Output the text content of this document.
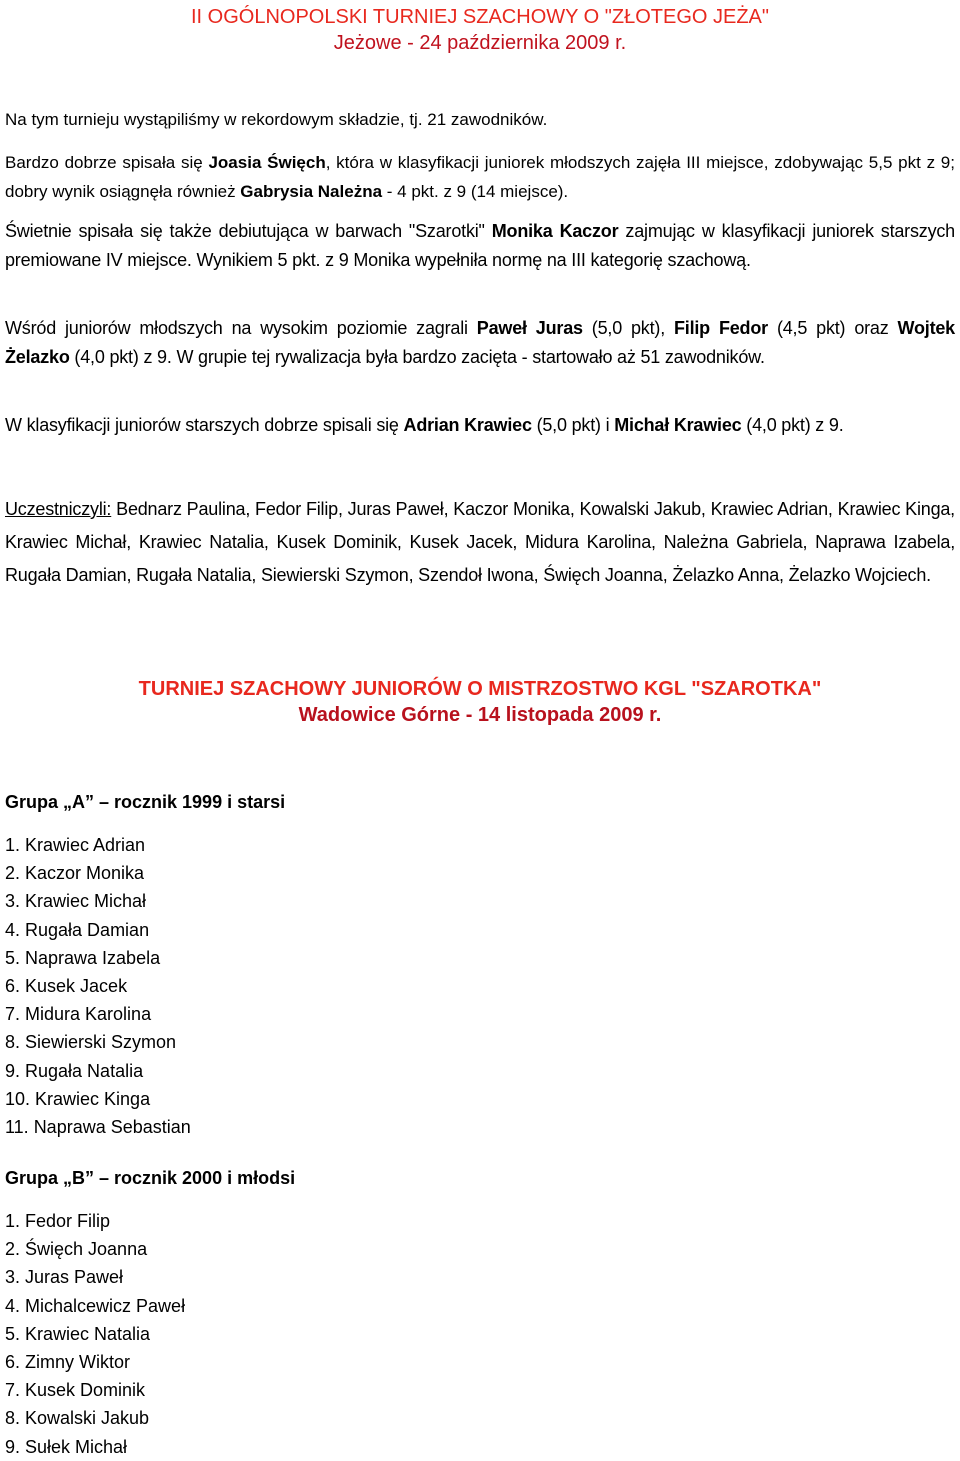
II OGÓLNOPOLSKI TURNIEJ SZACHOWY O "ZŁOTEGO JEŻA"
Jeżowe - 24 października 2009 r.
Na tym turnieju wystąpiliśmy w rekordowym składzie, tj. 21 zawodników.
Bardzo dobrze spisała się Joasia Święch, która w klasyfikacji juniorek młodszych zajęła III miejsce, zdobywając 5,5 pkt z 9; dobry wynik osiągnęła również Gabrysia Należna - 4 pkt. z 9 (14 miejsce).
Świetnie spisała się także debiutująca w barwach "Szarotki" Monika Kaczor zajmując w klasyfikacji juniorek starszych premiowane IV miejsce. Wynikiem 5 pkt. z 9 Monika wypełniła normę na III kategorię szachową.
Wśród juniorów młodszych na wysokim poziomie zagrali Paweł Juras (5,0 pkt), Filip Fedor (4,5 pkt) oraz Wojtek Żelazko (4,0 pkt) z 9. W grupie tej rywalizacja była bardzo zacięta - startowało aż 51 zawodników.
W klasyfikacji juniorów starszych dobrze spisali się Adrian Krawiec (5,0 pkt) i Michał Krawiec (4,0 pkt) z 9.
Uczestniczyli: Bednarz Paulina, Fedor Filip, Juras Paweł, Kaczor Monika, Kowalski Jakub, Krawiec Adrian, Krawiec Kinga, Krawiec Michał, Krawiec Natalia, Kusek Dominik, Kusek Jacek, Midura Karolina, Należna Gabriela, Naprawa Izabela, Rugała Damian, Rugała Natalia, Siewierski Szymon, Szendoł Iwona, Święch Joanna, Żelazko Anna, Żelazko Wojciech.
TURNIEJ SZACHOWY JUNIORÓW O MISTRZOSTWO KGL "SZAROTKA"
Wadowice Górne - 14 listopada 2009 r.
Grupa „A” – rocznik 1999 i starsi
1. Krawiec Adrian
2. Kaczor Monika
3. Krawiec Michał
4. Rugała Damian
5. Naprawa Izabela
6. Kusek Jacek
7. Midura Karolina
8. Siewierski Szymon
9. Rugała Natalia
10. Krawiec Kinga
11. Naprawa Sebastian
Grupa „B” – rocznik 2000 i młodsi
1. Fedor Filip
2. Święch Joanna
3. Juras Paweł
4. Michalcewicz Paweł
5. Krawiec Natalia
6. Zimny Wiktor
7. Kusek Dominik
8. Kowalski Jakub
9. Sułek Michał
